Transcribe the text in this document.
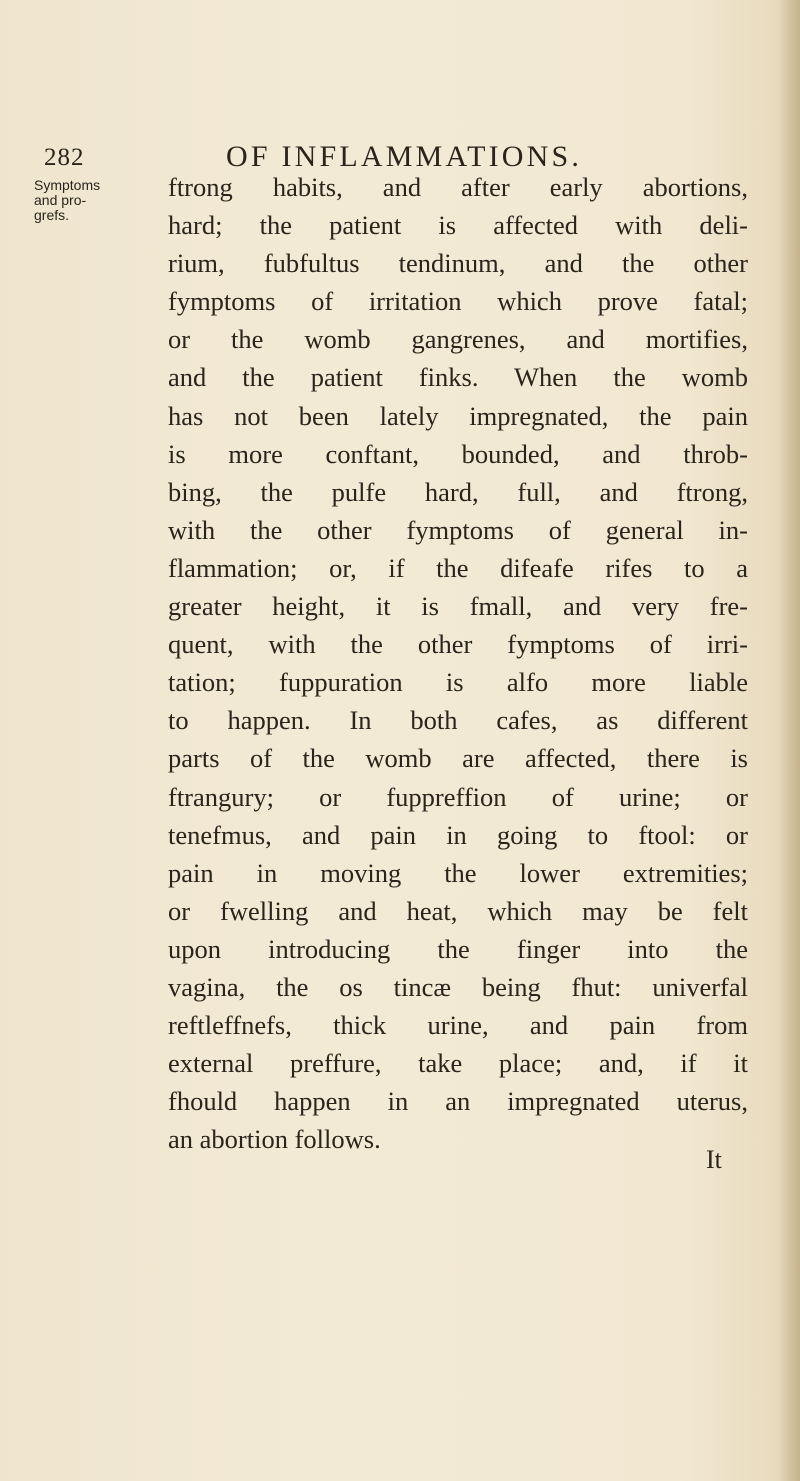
282	OF INFLAMMATIONS.
Symptoms
and pro-
grefs.
ftrong habits, and after early abortions,
hard; the patient is affected with deli-
rium, fubfultus tendinum, and the other
fymptoms of irritation which prove fatal;
or the womb gangrenes, and mortifies,
and the patient finks. When the womb
has not been lately impregnated, the pain
is more conftant, bounded, and throb-
bing, the pulfe hard, full, and ftrong,
with the other fymptoms of general in-
flammation; or, if the difeafe rifes to a
greater height, it is fmall, and very fre-
quent, with the other fymptoms of irri-
tation; fuppuration is alfo more liable
to happen. In both cafes, as different
parts of the womb are affected, there is
ftrangury; or fuppreffion of urine; or
tenefmus, and pain in going to ftool: or
pain in moving the lower extremities;
or fwelling and heat, which may be felt
upon introducing the finger into the
vagina, the os tincæ being fhut: univerfal
reftleffnefs, thick urine, and pain from
external preffure, take place; and, if it
fhould happen in an impregnated uterus,
an abortion follows.
It
